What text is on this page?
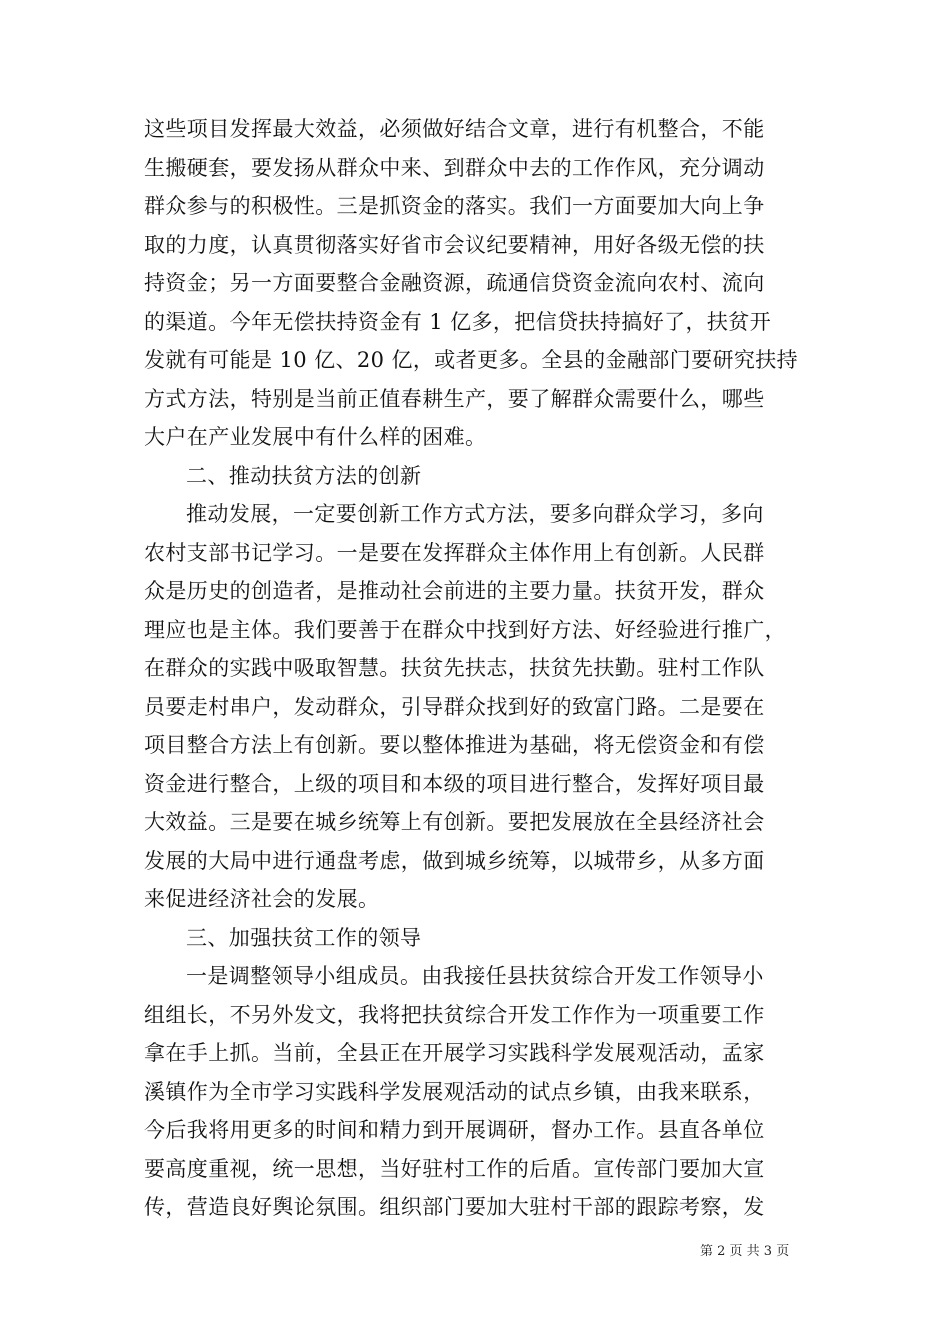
这些项目发挥最大效益，必须做好结合文章，进行有机整合，不能
生搬硬套，要发扬从群众中来、到群众中去的工作作风，充分调动
群众参与的积极性。三是抓资金的落实。我们一方面要加大向上争
取的力度，认真贯彻落实好省市会议纪要精神，用好各级无偿的扶
持资金；另一方面要整合金融资源，疏通信贷资金流向农村、流向
的渠道。今年无偿扶持资金有 1 亿多，把信贷扶持搞好了，扶贫开
发就有可能是 10 亿、20 亿，或者更多。全县的金融部门要研究扶持
方式方法，特别是当前正值春耕生产，要了解群众需要什么，哪些
大户在产业发展中有什么样的困难。
二、推动扶贫方法的创新
推动发展，一定要创新工作方式方法，要多向群众学习，多向
农村支部书记学习。一是要在发挥群众主体作用上有创新。人民群
众是历史的创造者，是推动社会前进的主要力量。扶贫开发，群众
理应也是主体。我们要善于在群众中找到好方法、好经验进行推广，
在群众的实践中吸取智慧。扶贫先扶志，扶贫先扶勤。驻村工作队
员要走村串户，发动群众，引导群众找到好的致富门路。二是要在
项目整合方法上有创新。要以整体推进为基础，将无偿资金和有偿
资金进行整合，上级的项目和本级的项目进行整合，发挥好项目最
大效益。三是要在城乡统筹上有创新。要把发展放在全县经济社会
发展的大局中进行通盘考虑，做到城乡统筹，以城带乡，从多方面
来促进经济社会的发展。
三、加强扶贫工作的领导
一是调整领导小组成员。由我接任县扶贫综合开发工作领导小
组组长，不另外发文，我将把扶贫综合开发工作作为一项重要工作
拿在手上抓。当前，全县正在开展学习实践科学发展观活动，孟家
溪镇作为全市学习实践科学发展观活动的试点乡镇，由我来联系，
今后我将用更多的时间和精力到开展调研，督办工作。县直各单位
要高度重视，统一思想，当好驻村工作的后盾。宣传部门要加大宣
传，营造良好舆论氛围。组织部门要加大驻村干部的跟踪考察，发
第 2 页 共 3 页
